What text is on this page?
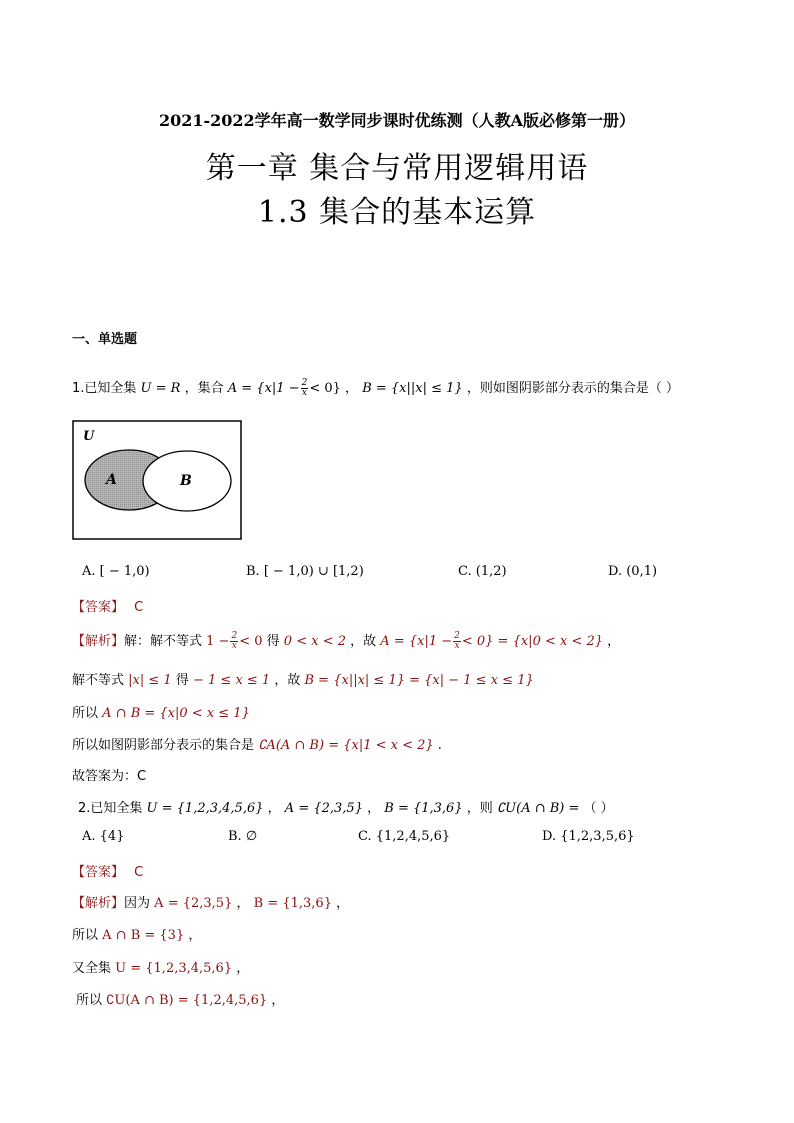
2021-2022学年高一数学同步课时优练测（人教A版必修第一册）
第一章 集合与常用逻辑用语
1.3 集合的基本运算
一、单选题
1.已知全集 U = R ，集合 $A = \{x|1 - \frac{2}{x} < 0\}$ ， B = {x||x| ≤ 1} ，则如图阴影部分表示的集合是（ ）
U
A	B
A. [ − 1,0)	B. [ − 1,0) ∪ [1,2)	C. (1,2)	D. (0,1)
【答案】 C
【解析】解：解不等式 $1 - \frac{2}{x} < 0$ 得 0 < x < 2 ，故 $A = \{x|1 - \frac{2}{x} < 0\} = \{x|0 < x < 2\}$ ，
解不等式 |x| ≤ 1 得 − 1 ≤ x ≤ 1 ，故 B = {x||x| ≤ 1} = {x| − 1 ≤ x ≤ 1}
所以 A ∩ B = {x|0 < x ≤ 1}
所以如图阴影部分表示的集合是 ∁A(A ∩ B) = {x|1 < x < 2} .
故答案为：C
2.已知全集 U = {1,2,3,4,5,6} ， A = {2,3,5} ， B = {1,3,6} ，则 ∁U(A ∩ B) = （ ）
A. {4}	B. ∅	C. {1,2,4,5,6}	D. {1,2,3,5,6}
【答案】 C
【解析】因为 A = {2,3,5} ， B = {1,3,6} ，
所以 A ∩ B = {3} ，
又全集 U = {1,2,3,4,5,6} ，
所以 ∁U(A ∩ B) = {1,2,4,5,6} ，
